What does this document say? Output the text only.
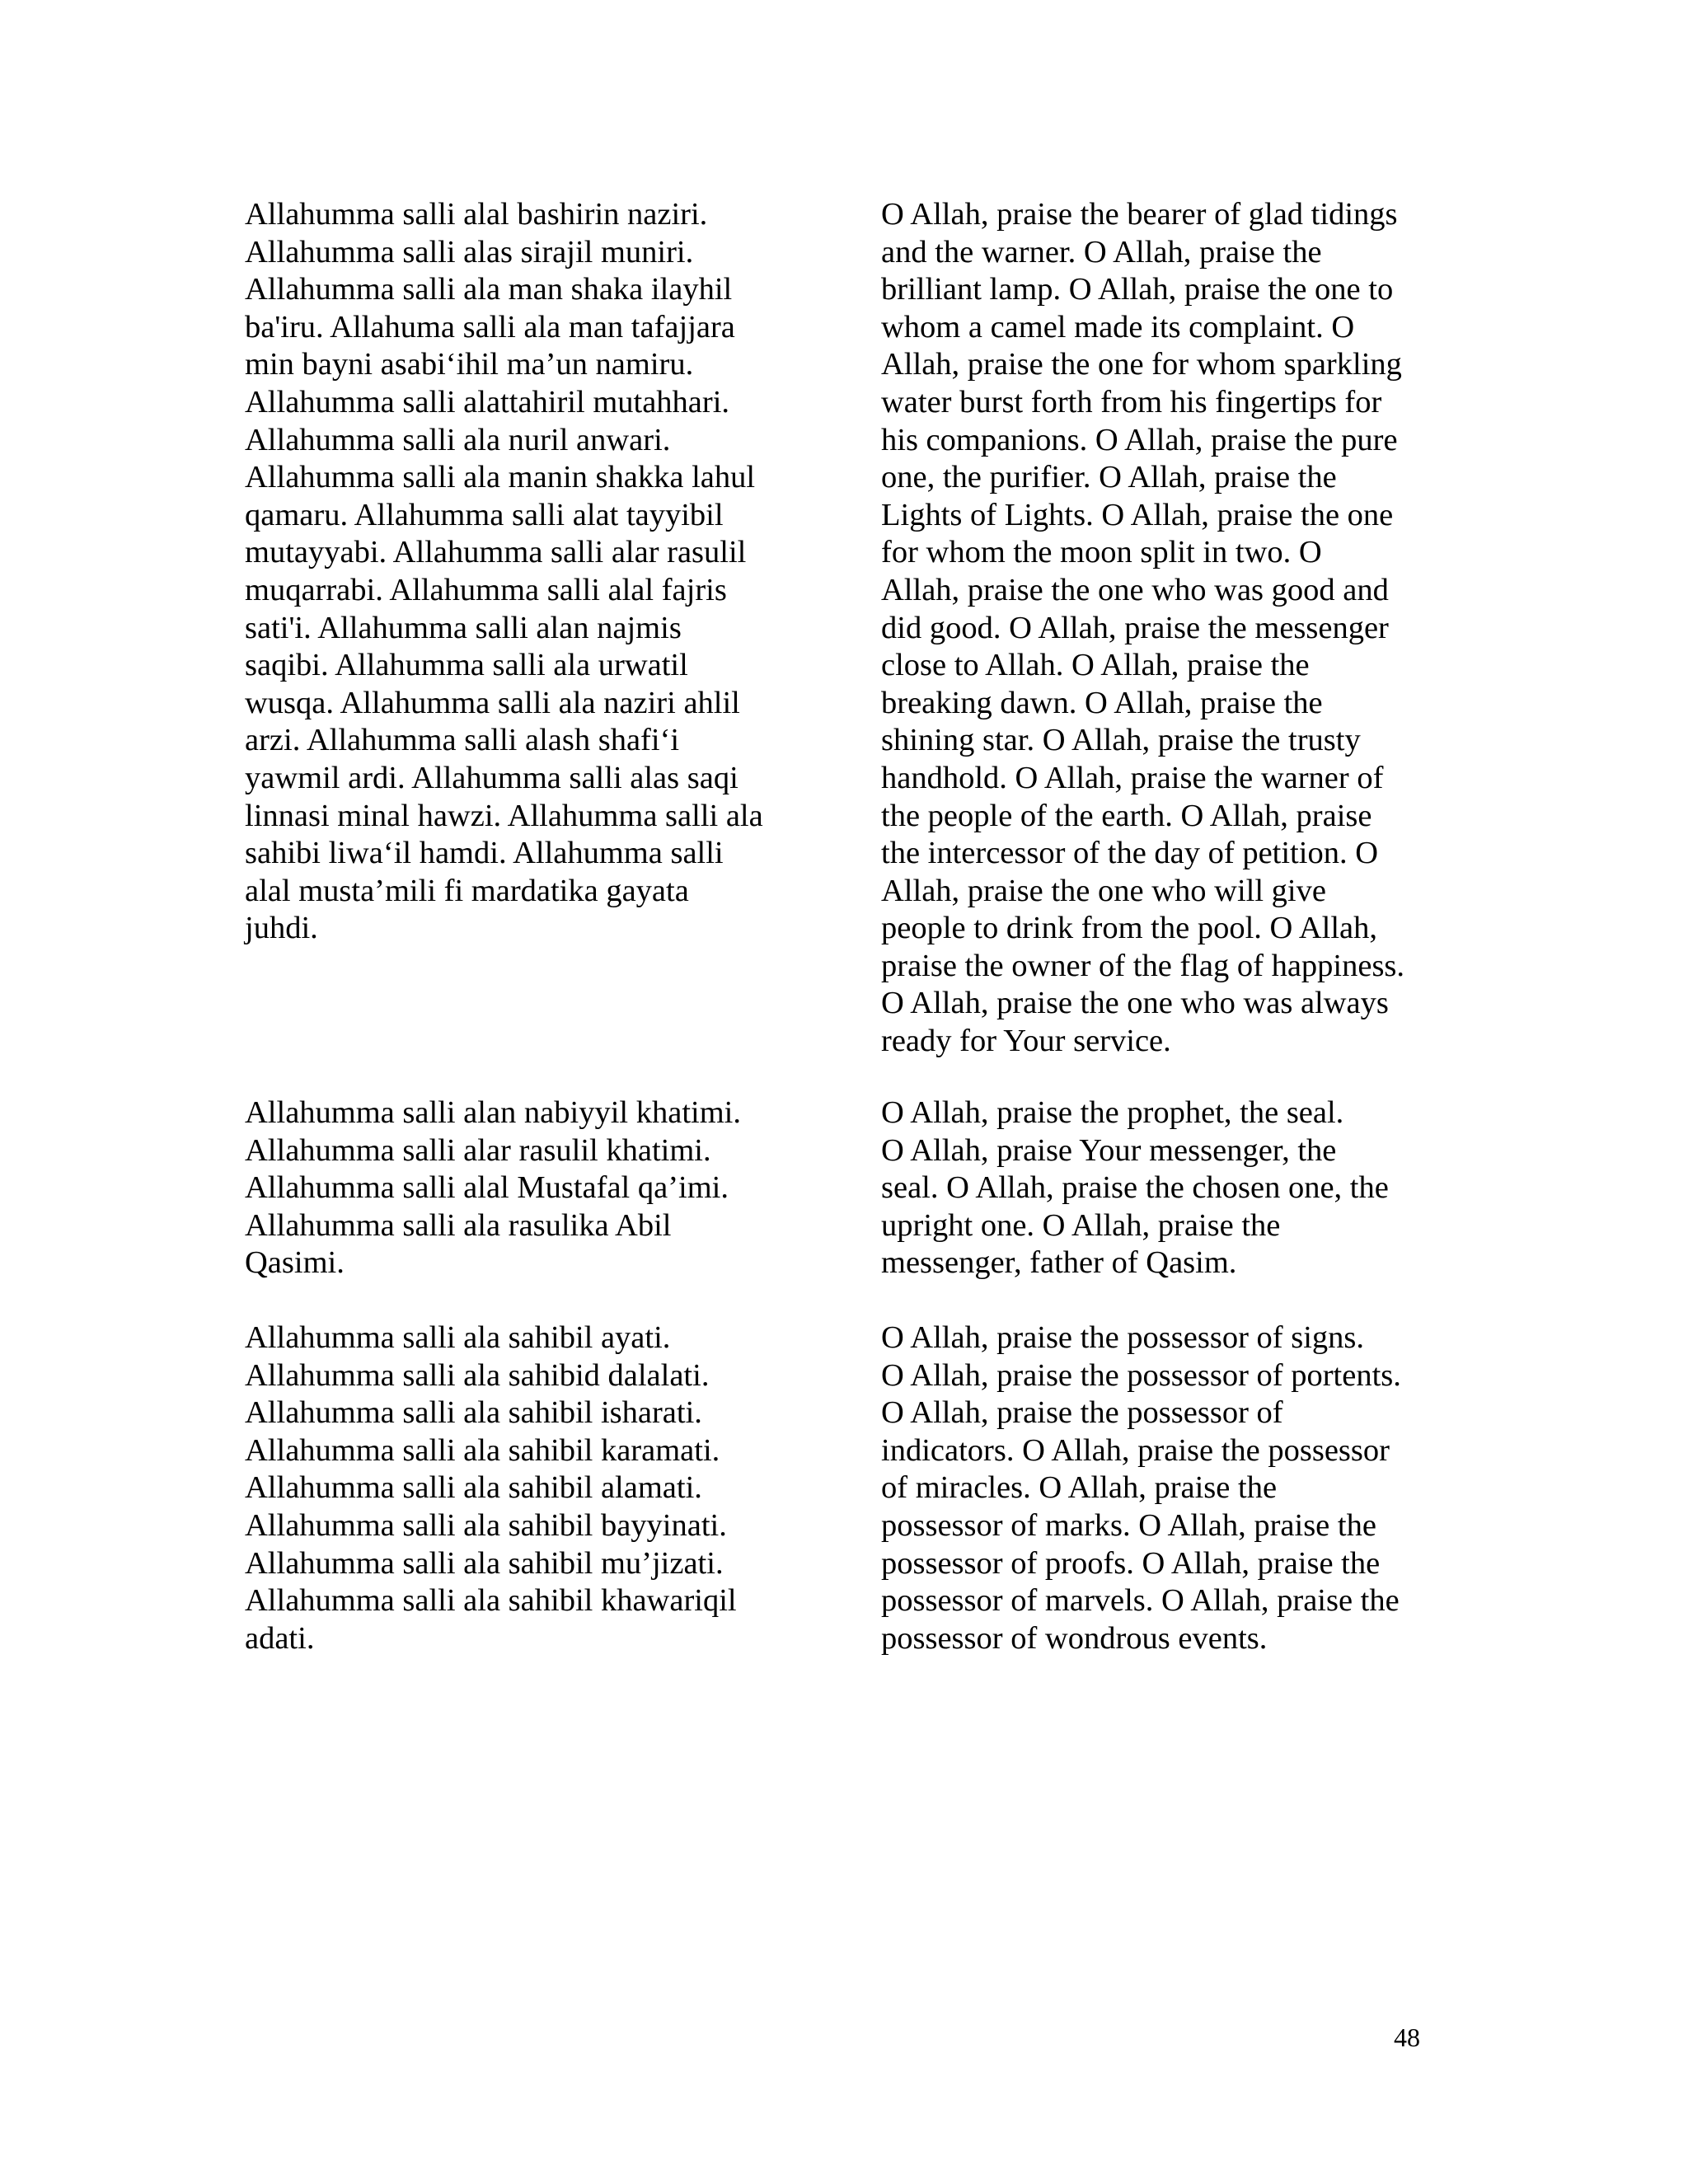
Allahumma salli alal bashirin naziri.
Allahumma salli alas sirajil muniri.
Allahumma salli ala man shaka ilayhil
ba'iru. Allahuma salli ala man tafajjara
min bayni asabi‘ihil ma’un namiru.
Allahumma salli alattahiril mutahhari.
Allahumma salli ala nuril anwari.
Allahumma salli ala manin shakka lahul
qamaru. Allahumma salli alat tayyibil
mutayyabi. Allahumma salli alar rasulil
muqarrabi. Allahumma salli alal fajris
sati'i. Allahumma salli alan najmis
saqibi. Allahumma salli ala urwatil
wusqa. Allahumma salli ala naziri ahlil
arzi. Allahumma salli alash shafi‘i
yawmil ardi. Allahumma salli alas saqi
linnasi minal hawzi. Allahumma salli ala
sahibi liwa‘il hamdi. Allahumma salli
alal musta’mili fi mardatika gayata
juhdi.
O Allah, praise the bearer of glad tidings
and the warner. O Allah, praise the
brilliant lamp. O Allah, praise the one to
whom a camel made its complaint. O
Allah, praise the one for whom sparkling
water burst forth from his fingertips for
his companions. O Allah, praise the pure
one, the purifier. O Allah, praise the
Lights of Lights. O Allah, praise the one
for whom the moon split in two. O
Allah, praise the one who was good and
did good. O Allah, praise the messenger
close to Allah. O Allah, praise the
breaking dawn. O Allah, praise the
shining star. O Allah, praise the trusty
handhold. O Allah, praise the warner of
the people of the earth. O Allah, praise
the intercessor of the day of petition. O
Allah, praise the one who will give
people to drink from the pool. O Allah,
praise the owner of the flag of happiness.
O Allah, praise the one who was always
ready for Your service.
Allahumma salli alan nabiyyil khatimi.
Allahumma salli alar rasulil khatimi.
Allahumma salli alal Mustafal qa’imi.
Allahumma salli ala rasulika Abil
Qasimi.
O Allah, praise the prophet, the seal.
O Allah, praise Your messenger, the
seal. O Allah, praise the chosen one, the
upright one. O Allah, praise the
messenger, father of Qasim.
Allahumma salli ala sahibil ayati.
Allahumma salli ala sahibid dalalati.
Allahumma salli ala sahibil isharati.
Allahumma salli ala sahibil karamati.
Allahumma salli ala sahibil alamati.
Allahumma salli ala sahibil bayyinati.
Allahumma salli ala sahibil mu’jizati.
Allahumma salli ala sahibil khawariqil
adati.
O Allah, praise the possessor of signs.
O Allah, praise the possessor of portents.
O Allah, praise the possessor of
indicators. O Allah, praise the possessor
of miracles. O Allah, praise the
possessor of marks. O Allah, praise the
possessor of proofs. O Allah, praise the
possessor of marvels. O Allah, praise the
possessor of wondrous events.
48
